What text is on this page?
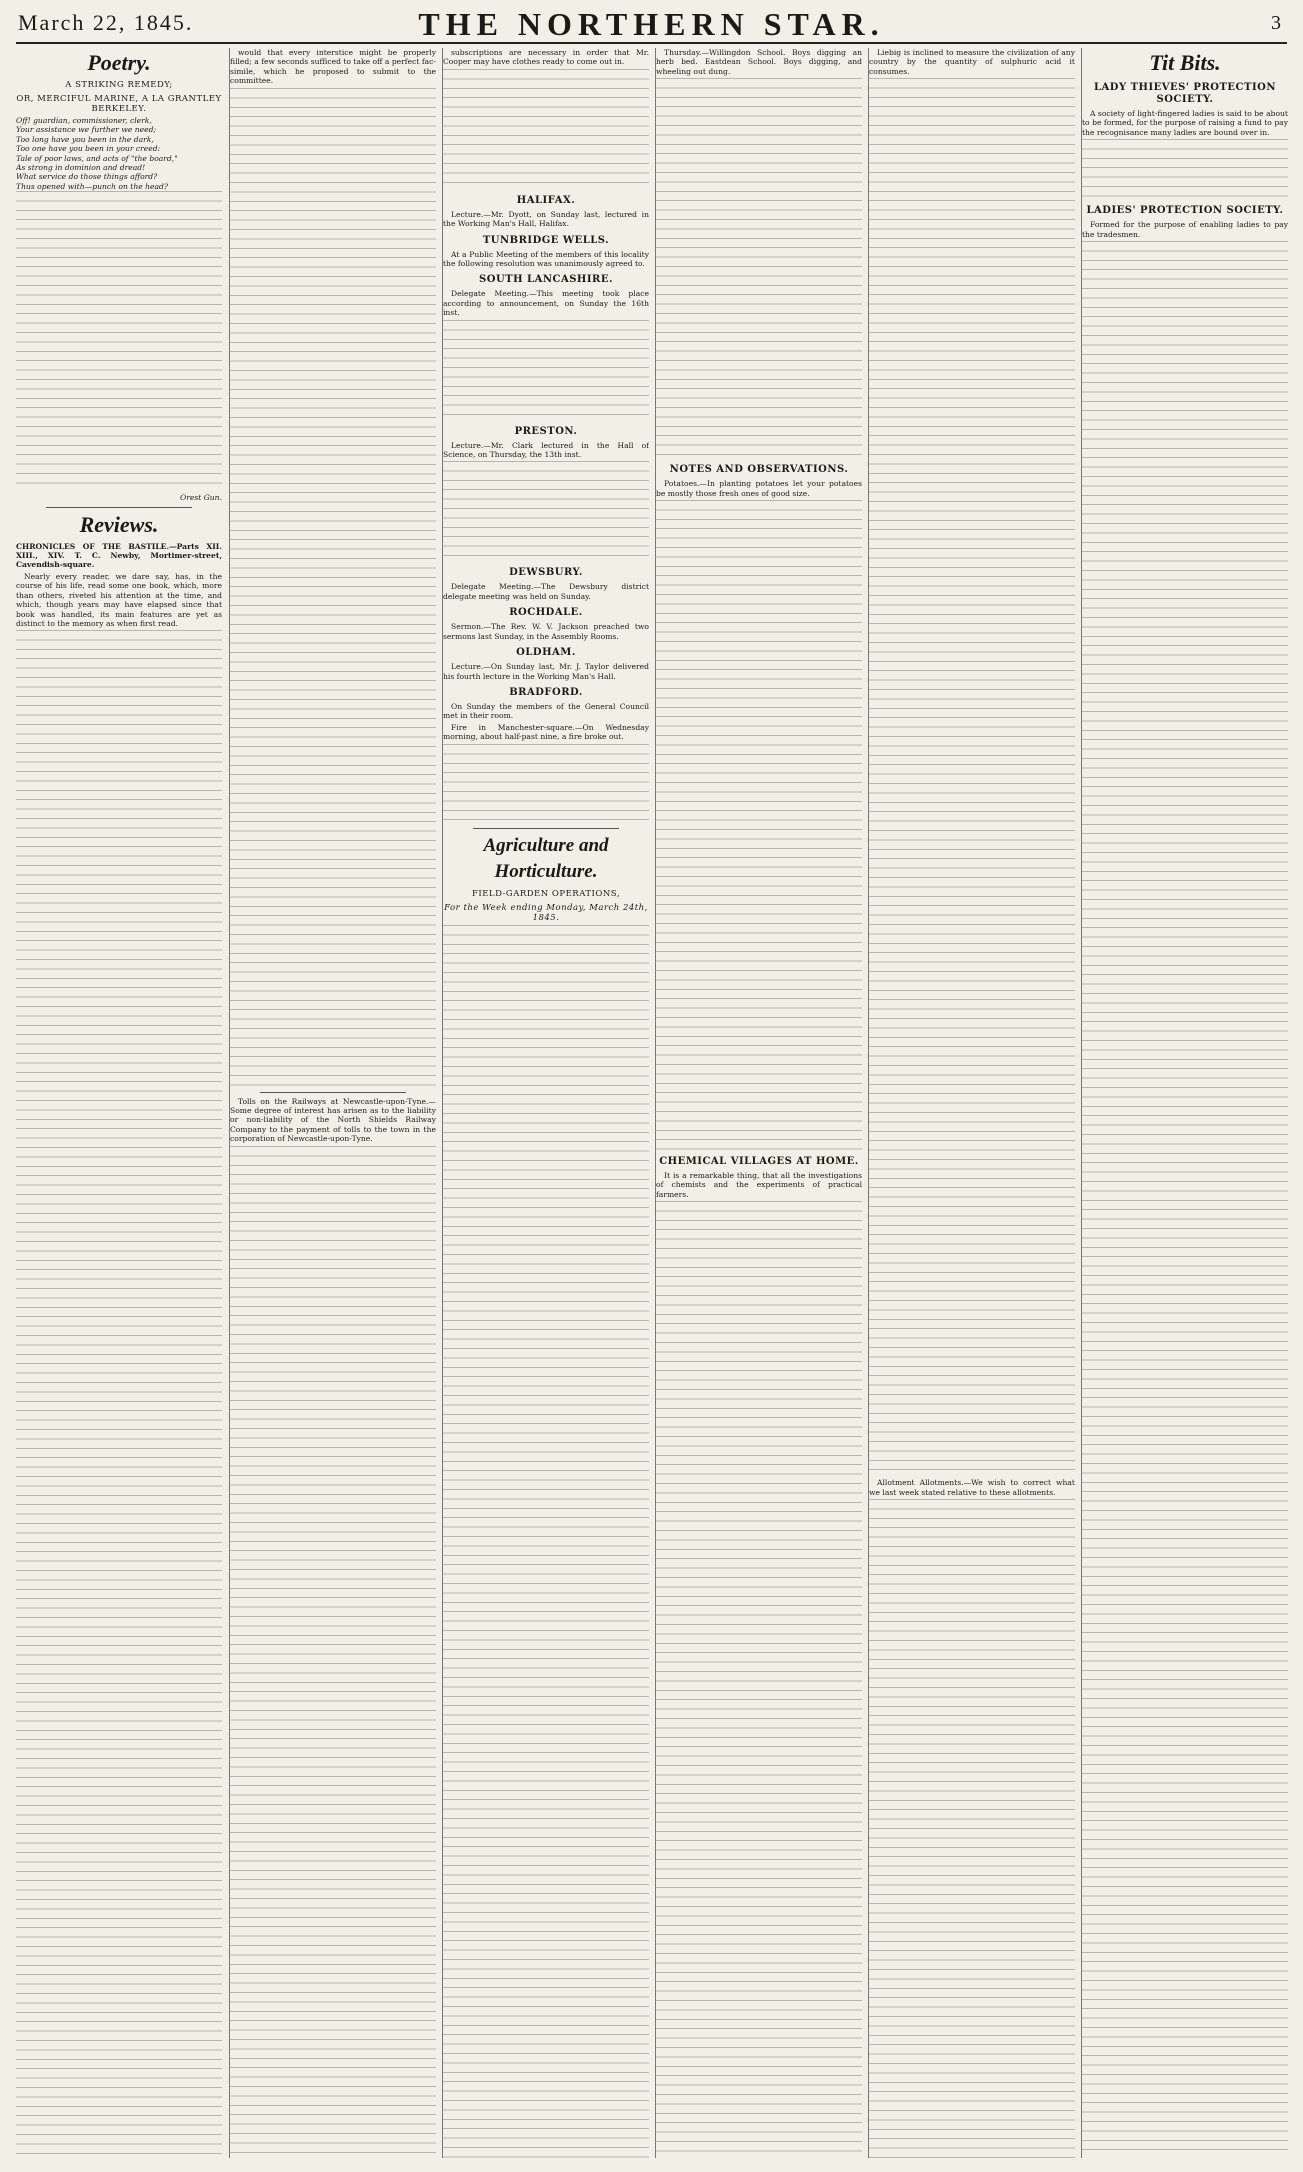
March 22, 1845.	THE NORTHERN STAR.	3
Poetry.
A STRIKING REMEDY;
OR, MERCIFUL MARINE, A LA GRANTLEY BERKELEY.

Off! guardian, commissioner, clerk,

Your assistance we further we need;

Too long have you been in the dark,

Too one have you been in your creed:

Tale of poor laws, and acts of "the board,"

As strong in dominion and dread!

What service do those things afford?

Thus opened with—punch on the head?

Orest Gun.
Reviews.

CHRONICLES OF THE BASTILE.—Parts XII. XIII., XIV. T. C. Newby, Mortimer-street, Cavendish-square.

Nearly every reader, we dare say, has, in the course of his life, read some one book, which, more than others, riveted his attention at the time, and which, though years may have elapsed since that book was handled, its main features are yet as distinct to the memory as when first read.

would that every interstice might be properly filled; a few seconds sufficed to take off a perfect fac-simile, which he proposed to submit to the committee.

Tolls on the Railways at Newcastle-upon-Tyne.—Some degree of interest has arisen as to the liability or non-liability of the North Shields Railway Company to the payment of tolls to the town in the corporation of Newcastle-upon-Tyne.

subscriptions are necessary in order that Mr. Cooper may have clothes ready to come out in.

HALIFAX.

Lecture.—Mr. Dyott, on Sunday last, lectured in the Working Man's Hall, Halifax.

TUNBRIDGE WELLS.

At a Public Meeting of the members of this locality the following resolution was unanimously agreed to.

SOUTH LANCASHIRE.

Delegate Meeting.—This meeting took place according to announcement, on Sunday the 16th inst.

PRESTON.

Lecture.—Mr. Clark lectured in the Hall of Science, on Thursday, the 13th inst.

DEWSBURY.

Delegate Meeting.—The Dewsbury district delegate meeting was held on Sunday.

ROCHDALE.

Sermon.—The Rev. W. V. Jackson preached two sermons last Sunday, in the Assembly Rooms.

OLDHAM.

Lecture.—On Sunday last, Mr. J. Taylor delivered his fourth lecture in the Working Man's Hall.

BRADFORD.

On Sunday the members of the General Council met in their room.

Fire in Manchester-square.—On Wednesday morning, about half-past nine, a fire broke out.

Agriculture and Horticulture.
FIELD-GARDEN OPERATIONS,
For the Week ending Monday, March 24th, 1845.

Thursday.—Willingdon School. Boys digging an herb bed. Eastdean School. Boys digging, and wheeling out dung.

NOTES AND OBSERVATIONS.

Potatoes.—In planting potatoes let your potatoes be mostly those fresh ones of good size.

CHEMICAL VILLAGES AT HOME.

It is a remarkable thing, that all the investigations of chemists and the experiments of practical farmers.

Liebig is inclined to measure the civilization of any country by the quantity of sulphuric acid it consumes.

Allotment Allotments.—We wish to correct what we last week stated relative to these allotments.

Tit Bits.
LADY THIEVES' PROTECTION SOCIETY.

A society of light-fingered ladies is said to be about to be formed, for the purpose of raising a fund to pay the recognisance many ladies are bound over in.

LADIES' PROTECTION SOCIETY.

Formed for the purpose of enabling ladies to pay the tradesmen.
